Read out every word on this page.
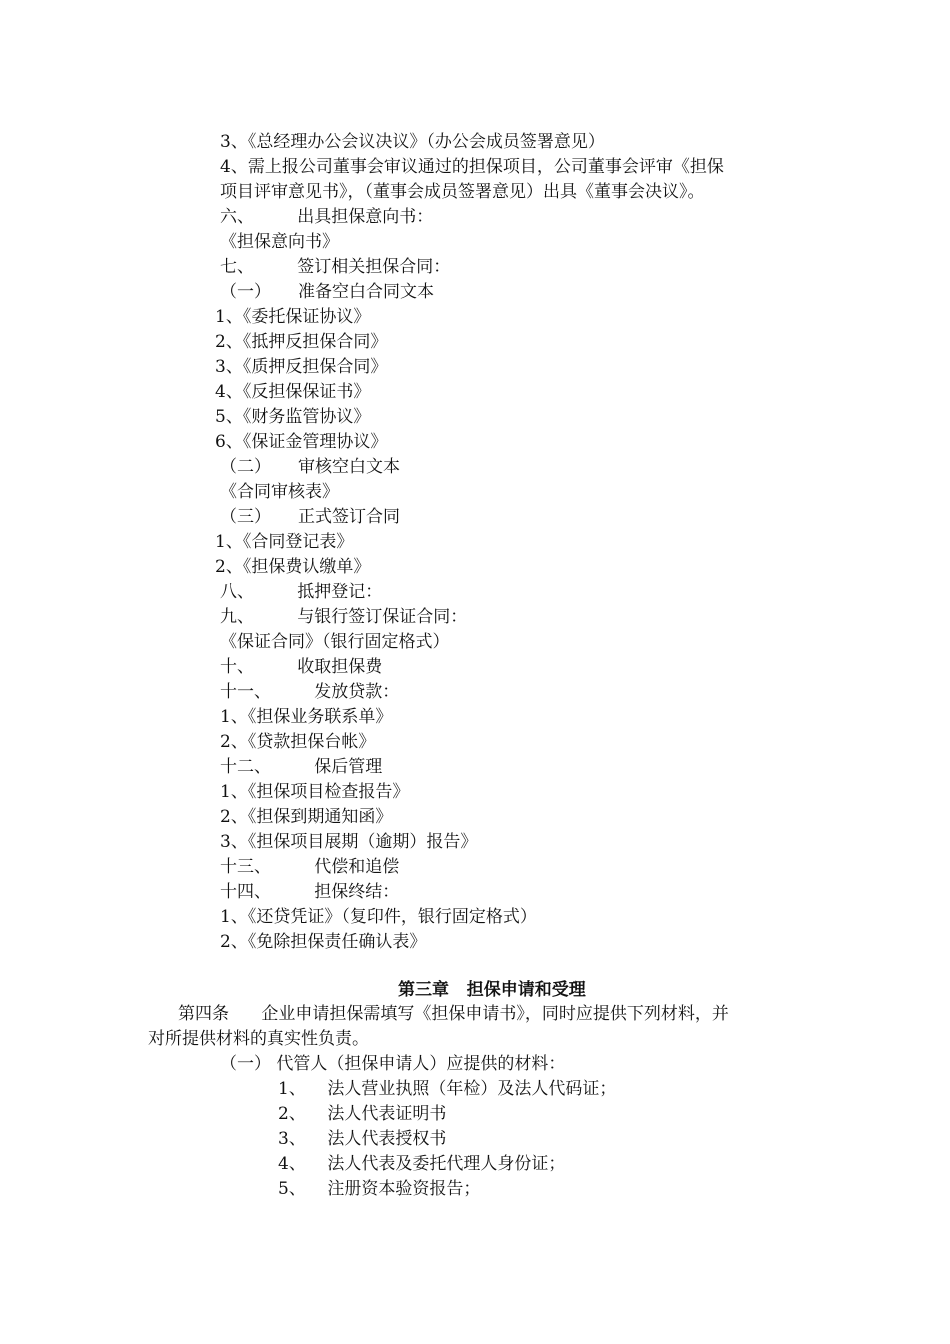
3、《总经理办公会议决议》（办公会成员签署意见）
4、需上报公司董事会审议通过的担保项目，公司董事会评审《担保
项目评审意见书》，（董事会成员签署意见）出具《董事会决议》。
六、        出具担保意向书：
《担保意向书》
七、        签订相关担保合同：
（一）     准备空白合同文本
1、《委托保证协议》
2、《抵押反担保合同》
3、《质押反担保合同》
4、《反担保保证书》
5、《财务监管协议》
6、《保证金管理协议》
（二）     审核空白文本
《合同审核表》
（三）     正式签订合同
1、《合同登记表》
2、《担保费认缴单》
八、        抵押登记：
九、        与银行签订保证合同：
《保证合同》（银行固定格式）
十、        收取担保费
十一、        发放贷款：
1、《担保业务联系单》
2、《贷款担保台帐》
十二、        保后管理
1、《担保项目检查报告》
2、《担保到期通知函》
3、《担保项目展期（逾期）报告》
十三、        代偿和追偿
十四、        担保终结：
1、《还贷凭证》（复印件，银行固定格式）
2、《免除担保责任确认表》
第三章   担保申请和受理
第四条      企业申请担保需填写《担保申请书》，同时应提供下列材料，并
对所提供材料的真实性负责。
（一） 代管人（担保申请人）应提供的材料：
1、    法人营业执照（年检）及法人代码证；
2、    法人代表证明书
3、    法人代表授权书
4、    法人代表及委托代理人身份证；
5、    注册资本验资报告；
